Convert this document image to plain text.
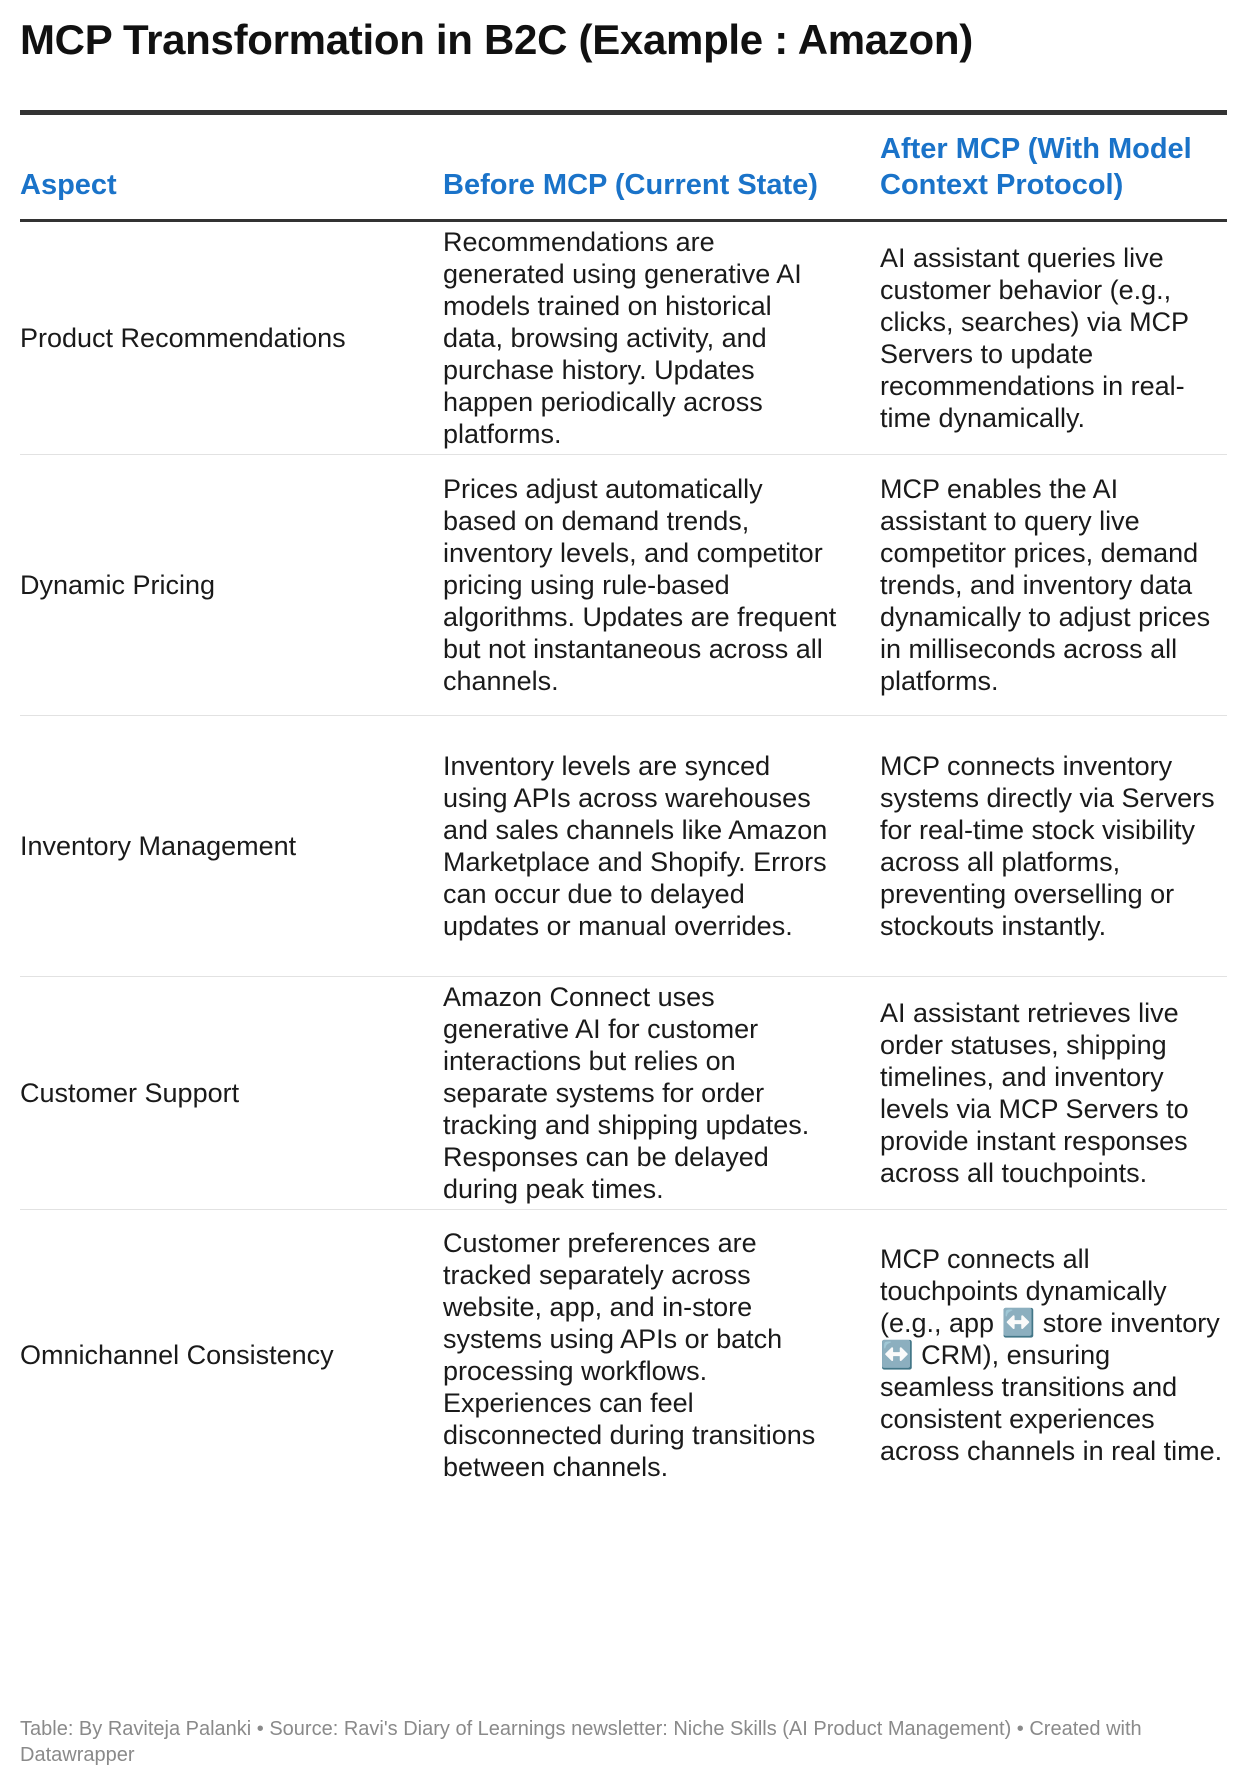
MCP Transformation in B2C (Example : Amazon)
Aspect	Before MCP (Current State)
After MCP (With Model Context Protocol)
Product Recommendations
Recommendations are generated using generative AI models trained on historical data, browsing activity, and purchase history. Updates happen periodically across platforms.
AI assistant queries live customer behavior (e.g., clicks, searches) via MCP Servers to update recommendations in real-time dynamically.
Dynamic Pricing
Prices adjust automatically based on demand trends, inventory levels, and competitor pricing using rule-based algorithms. Updates are frequent but not instantaneous across all channels.
MCP enables the AI assistant to query live competitor prices, demand trends, and inventory data dynamically to adjust prices in milliseconds across all platforms.
Inventory Management
Inventory levels are synced using APIs across warehouses and sales channels like Amazon Marketplace and Shopify. Errors can occur due to delayed updates or manual overrides.
MCP connects inventory systems directly via Servers for real-time stock visibility across all platforms, preventing overselling or stockouts instantly.
Customer Support
Amazon Connect uses generative AI for customer interactions but relies on separate systems for order tracking and shipping updates. Responses can be delayed during peak times.
AI assistant retrieves live order statuses, shipping timelines, and inventory levels via MCP Servers to provide instant responses across all touchpoints.
Omnichannel Consistency
Customer preferences are tracked separately across website, app, and in-store systems using APIs or batch processing workflows. Experiences can feel disconnected during transitions between channels.
MCP connects all touchpoints dynamically (e.g., app ↔️ store inventory ↔️ CRM), ensuring seamless transitions and consistent experiences across channels in real time.
Table: By Raviteja Palanki • Source: Ravi's Diary of Learnings newsletter: Niche Skills (AI Product Management) • Created with Datawrapper
